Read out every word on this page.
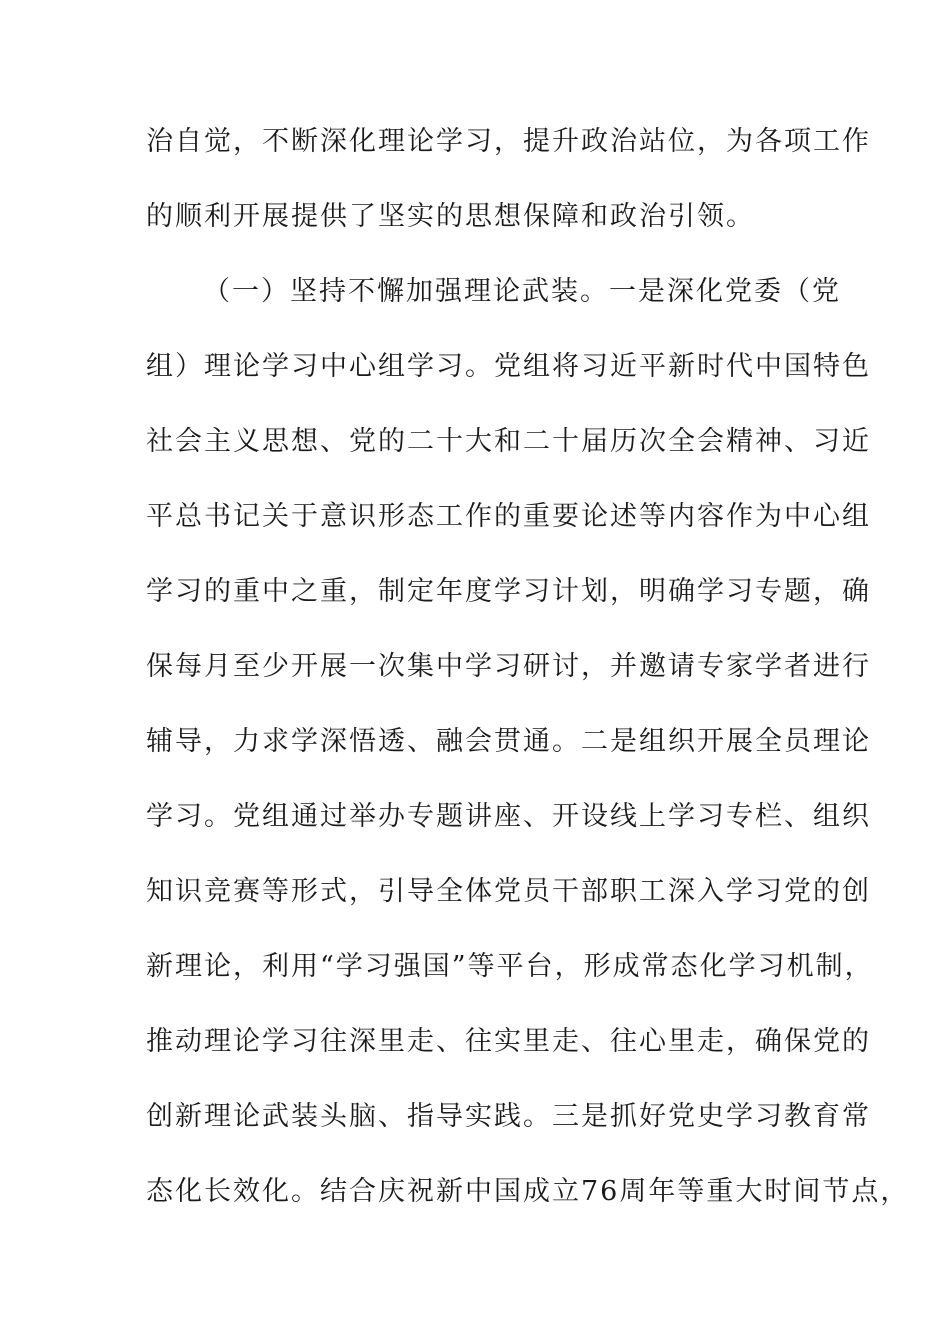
治自觉，不断深化理论学习，提升政治站位，为各项工作
的顺利开展提供了坚实的思想保障和政治引领。
（一）坚持不懈加强理论武装。一是深化党委（党
组）理论学习中心组学习。党组将习近平新时代中国特色
社会主义思想、党的二十大和二十届历次全会精神、习近
平总书记关于意识形态工作的重要论述等内容作为中心组
学习的重中之重，制定年度学习计划，明确学习专题，确
保每月至少开展一次集中学习研讨，并邀请专家学者进行
辅导，力求学深悟透、融会贯通。二是组织开展全员理论
学习。党组通过举办专题讲座、开设线上学习专栏、组织
知识竞赛等形式，引导全体党员干部职工深入学习党的创
新理论，利用“学习强国”等平台，形成常态化学习机制，
推动理论学习往深里走、往实里走、往心里走，确保党的
创新理论武装头脑、指导实践。三是抓好党史学习教育常
态化长效化。结合庆祝新中国成立76周年等重大时间节点，
